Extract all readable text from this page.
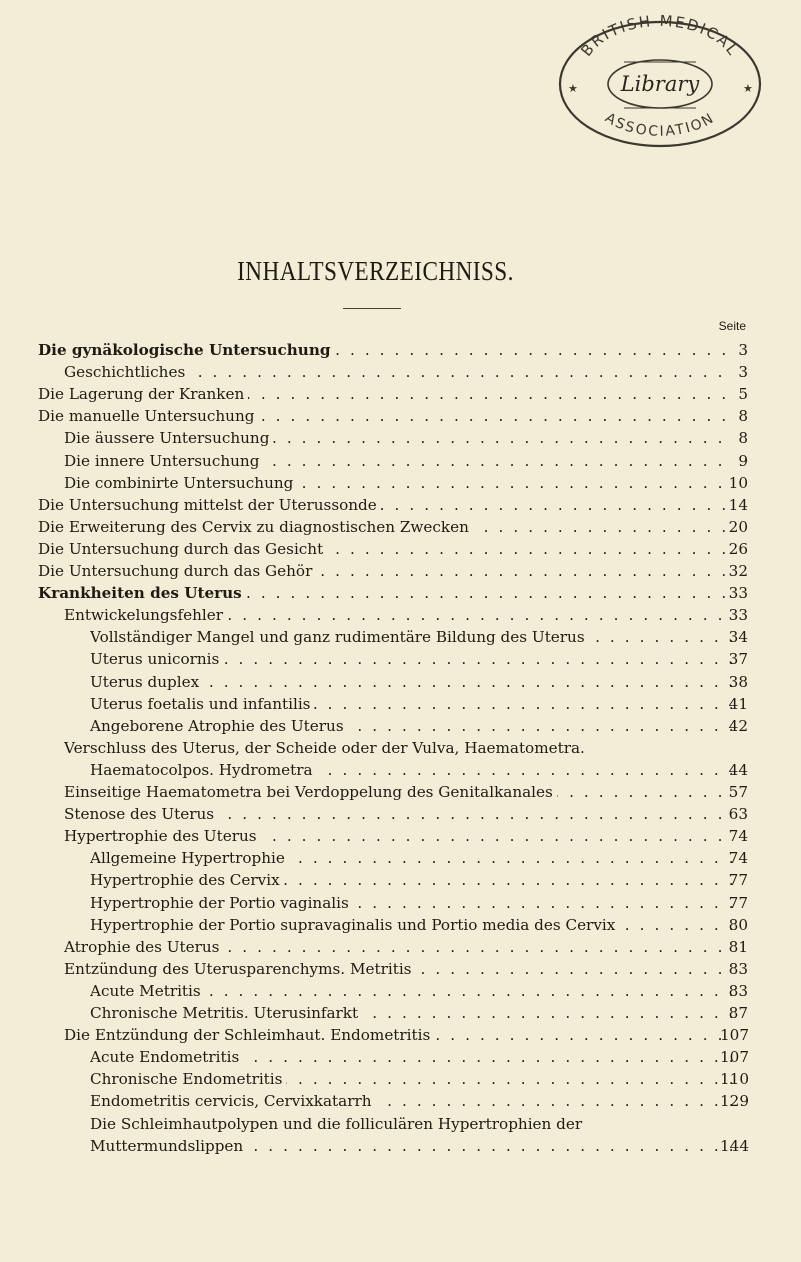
BRITISH MEDICAL
ASSOCIATION
Library
★	★
INHALTSVERZEICHNISS.
Seite
Die gynäkologische Untersuchung . . .	3
Geschichtliches . . .	3
Die Lagerung der Kranken . . .	5
Die manuelle Untersuchung . . .	8
Die äussere Untersuchung . . .	8
Die innere Untersuchung . . .	9
Die combinirte Untersuchung . . .	10
Die Untersuchung mittelst der Uterussonde . . .	14
Die Erweiterung des Cervix zu diagnostischen Zwecken . . .	20
Die Untersuchung durch das Gesicht . . .	26
Die Untersuchung durch das Gehör . . .	32
Krankheiten des Uterus . . .	33
Entwickelungsfehler . . .	33
Vollständiger Mangel und ganz rudimentäre Bildung des Uterus . . .	34
Uterus unicornis . . .	37
Uterus duplex . . .	38
Uterus foetalis und infantilis . . .	41
Angeborene Atrophie des Uterus . . .	42
Verschluss des Uterus, der Scheide oder der Vulva, Haematometra.
Haematocolpos. Hydrometra . . .	44
Einseitige Haematometra bei Verdoppelung des Genitalkanales . . .	57
Stenose des Uterus . . .	63
Hypertrophie des Uterus . . .	74
Allgemeine Hypertrophie . . .	74
Hypertrophie des Cervix . . .	77
Hypertrophie der Portio vaginalis . . .	77
Hypertrophie der Portio supravaginalis und Portio media des Cervix . . .	80
Atrophie des Uterus . . .	81
Entzündung des Uterusparenchyms. Metritis . . .	83
Acute Metritis . . .	83
Chronische Metritis. Uterusinfarkt . . .	87
Die Entzündung der Schleimhaut. Endometritis . . .	107
Acute Endometritis . . .	107
Chronische Endometritis . . .	110
Endometritis cervicis, Cervixkatarrh . . .	129
Die Schleimhautpolypen und die folliculären Hypertrophien der
Muttermundslippen . . .	144
